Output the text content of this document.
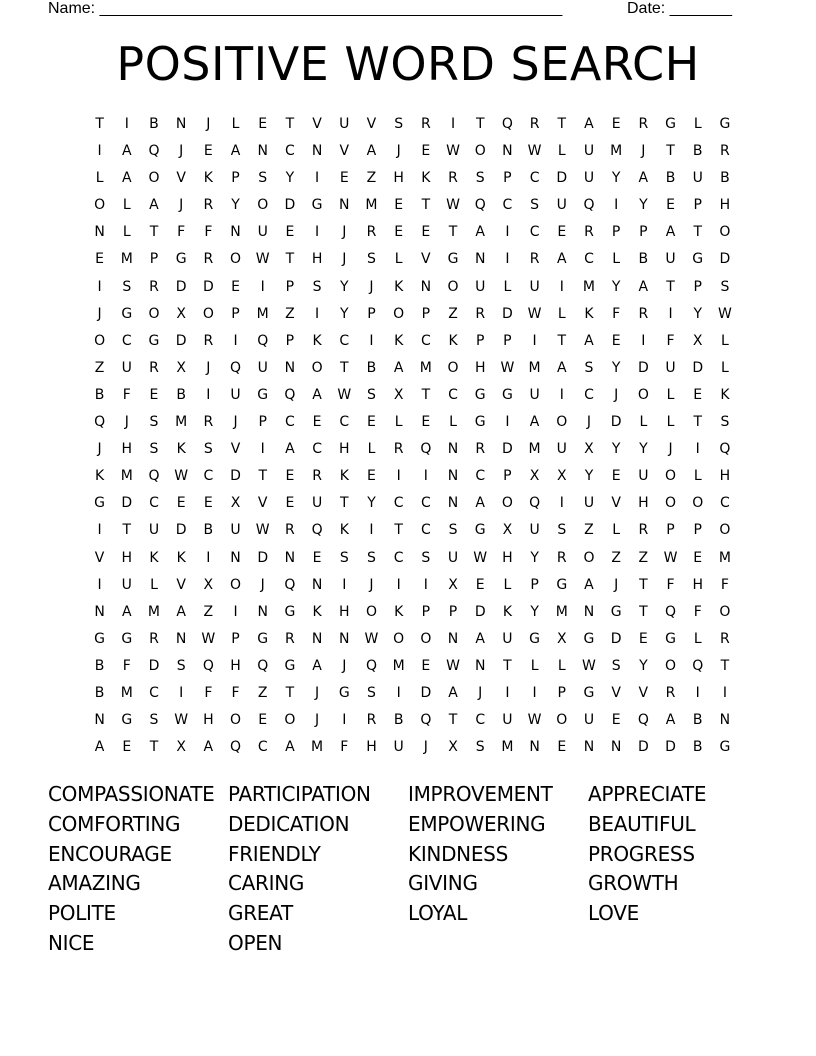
Name: ____________________________________________________	Date: _______
POSITIVE WORD SEARCH
T	I	B	N	J	L	E	T	V	U	V	S	R	I	T	Q	R	T	A	E	R	G	L	G
I	A	Q	J	E	A	N	C	N	V	A	J	E	W	O	N	W	L	U	M	J	T	B	R
L	A	O	V	K	P	S	Y	I	E	Z	H	K	R	S	P	C	D	U	Y	A	B	U	B
O	L	A	J	R	Y	O	D	G	N	M	E	T	W	Q	C	S	U	Q	I	Y	E	P	H
N	L	T	F	F	N	U	E	I	J	R	E	E	T	A	I	C	E	R	P	P	A	T	O
E	M	P	G	R	O	W	T	H	J	S	L	V	G	N	I	R	A	C	L	B	U	G	D
I	S	R	D	D	E	I	P	S	Y	J	K	N	O	U	L	U	I	M	Y	A	T	P	S
J	G	O	X	O	P	M	Z	I	Y	P	O	P	Z	R	D	W	L	K	F	R	I	Y	W
O	C	G	D	R	I	Q	P	K	C	I	K	C	K	P	P	I	T	A	E	I	F	X	L
Z	U	R	X	J	Q	U	N	O	T	B	A	M	O	H	W	M	A	S	Y	D	U	D	L
B	F	E	B	I	U	G	Q	A	W	S	X	T	C	G	G	U	I	C	J	O	L	E	K
Q	J	S	M	R	J	P	C	E	C	E	L	E	L	G	I	A	O	J	D	L	L	T	S
J	H	S	K	S	V	I	A	C	H	L	R	Q	N	R	D	M	U	X	Y	Y	J	I	Q
K	M	Q	W	C	D	T	E	R	K	E	I	I	N	C	P	X	X	Y	E	U	O	L	H
G	D	C	E	E	X	V	E	U	T	Y	C	C	N	A	O	Q	I	U	V	H	O	O	C
I	T	U	D	B	U	W	R	Q	K	I	T	C	S	G	X	U	S	Z	L	R	P	P	O
V	H	K	K	I	N	D	N	E	S	S	C	S	U	W	H	Y	R	O	Z	Z	W	E	M
I	U	L	V	X	O	J	Q	N	I	J	I	I	X	E	L	P	G	A	J	T	F	H	F
N	A	M	A	Z	I	N	G	K	H	O	K	P	P	D	K	Y	M	N	G	T	Q	F	O
G	G	R	N	W	P	G	R	N	N	W	O	O	N	A	U	G	X	G	D	E	G	L	R
B	F	D	S	Q	H	Q	G	A	J	Q	M	E	W	N	T	L	L	W	S	Y	O	Q	T
B	M	C	I	F	F	Z	T	J	G	S	I	D	A	J	I	I	P	G	V	V	R	I	I
N	G	S	W	H	O	E	O	J	I	R	B	Q	T	C	U	W	O	U	E	Q	A	B	N
A	E	T	X	A	Q	C	A	M	F	H	U	J	X	S	M	N	E	N	N	D	D	B	G
COMPASSIONATE PARTICIPATION	IMPROVEMENT	APPRECIATE
COMFORTING	DEDICATION	EMPOWERING	BEAUTIFUL
ENCOURAGE	FRIENDLY	KINDNESS	PROGRESS
AMAZING	CARING	GIVING	GROWTH
POLITE	GREAT	LOYAL	LOVE
NICE	OPEN
